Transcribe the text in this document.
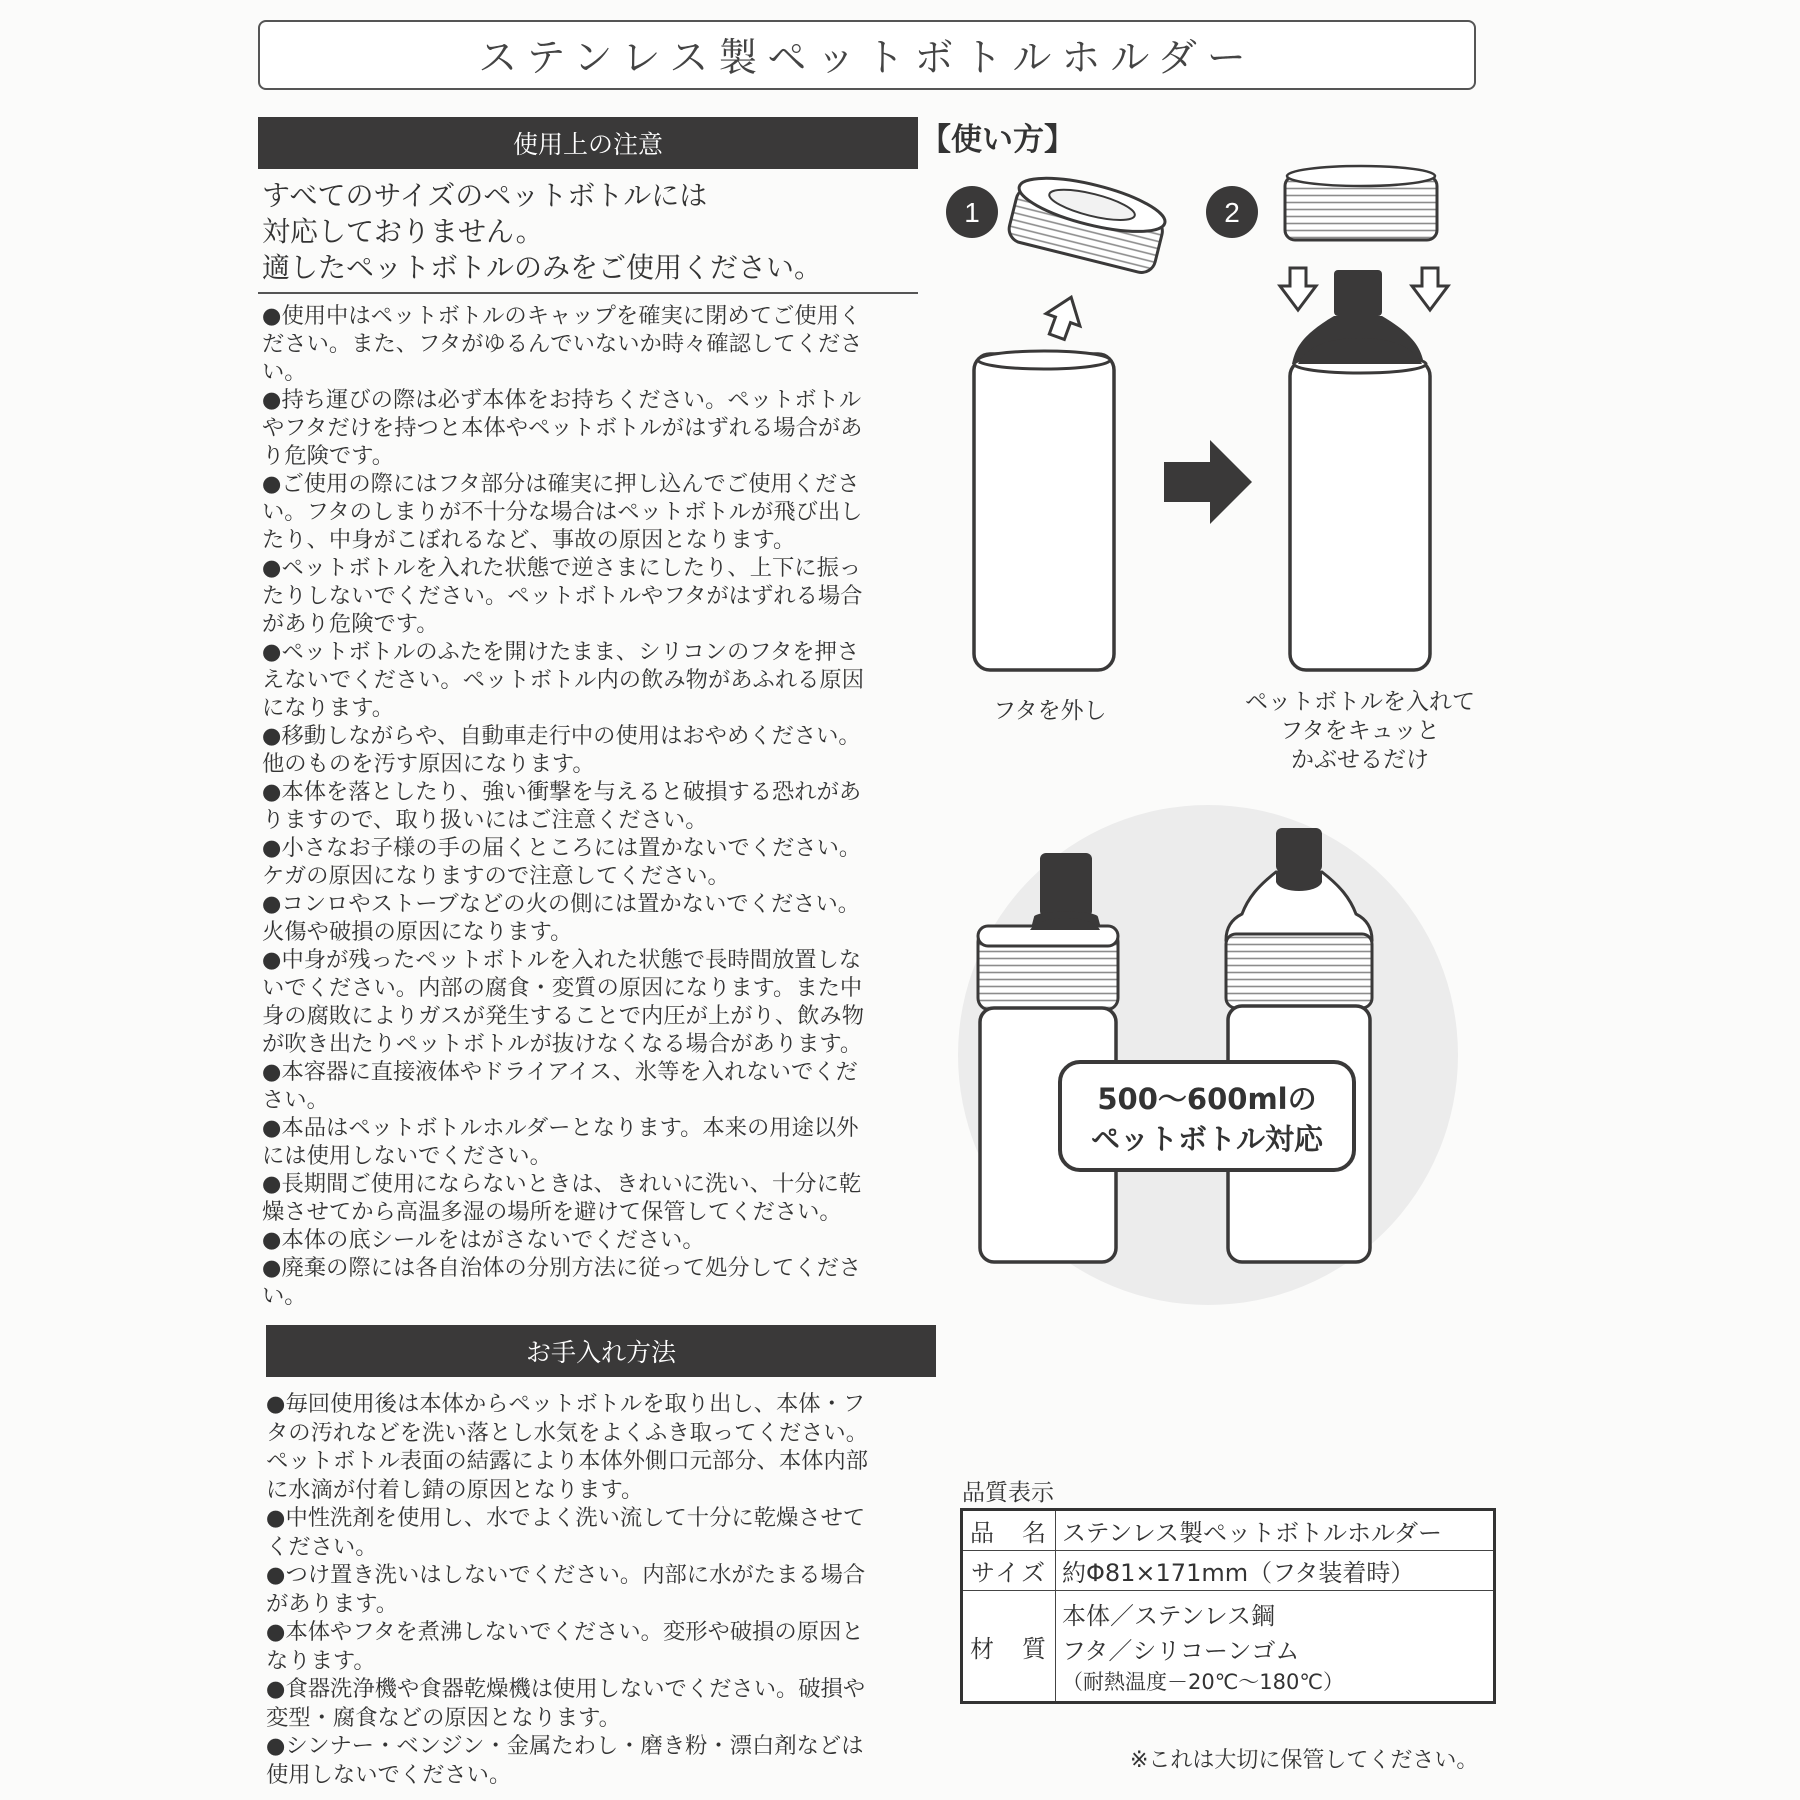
ステンレス製ペットボトルホルダー
使用上の注意
すべてのサイズのペットボトルには
対応しておりません。
適したペットボトルのみをご使用ください。
●使用中はペットボトルのキャップを確実に閉めてご使用く
ださい。また、フタがゆるんでいないか時々確認してくださ
い。
●持ち運びの際は必ず本体をお持ちください。ペットボトル
やフタだけを持つと本体やペットボトルがはずれる場合があ
り危険です。
●ご使用の際にはフタ部分は確実に押し込んでご使用くださ
い。フタのしまりが不十分な場合はペットボトルが飛び出し
たり、中身がこぼれるなど、事故の原因となります。
●ペットボトルを入れた状態で逆さまにしたり、上下に振っ
たりしないでください。ペットボトルやフタがはずれる場合
があり危険です。
●ペットボトルのふたを開けたまま、シリコンのフタを押さ
えないでください。ペットボトル内の飲み物があふれる原因
になります。
●移動しながらや、自動車走行中の使用はおやめください。
他のものを汚す原因になります。
●本体を落としたり、強い衝撃を与えると破損する恐れがあ
りますので、取り扱いにはご注意ください。
●小さなお子様の手の届くところには置かないでください。
ケガの原因になりますので注意してください。
●コンロやストーブなどの火の側には置かないでください。
火傷や破損の原因になります。
●中身が残ったペットボトルを入れた状態で長時間放置しな
いでください。内部の腐食・変質の原因になります。また中
身の腐敗によりガスが発生することで内圧が上がり、飲み物
が吹き出たりペットボトルが抜けなくなる場合があります。
●本容器に直接液体やドライアイス、氷等を入れないでくだ
さい。
●本品はペットボトルホルダーとなります。本来の用途以外
には使用しないでください。
●長期間ご使用にならないときは、きれいに洗い、十分に乾
燥させてから高温多湿の場所を避けて保管してください。
●本体の底シールをはがさないでください。
●廃棄の際には各自治体の分別方法に従って処分してくださ
い。
お手入れ方法
●毎回使用後は本体からペットボトルを取り出し、本体・フ
タの汚れなどを洗い落とし水気をよくふき取ってください。
ペットボトル表面の結露により本体外側口元部分、本体内部
に水滴が付着し錆の原因となります。
●中性洗剤を使用し、水でよく洗い流して十分に乾燥させて
ください。
●つけ置き洗いはしないでください。内部に水がたまる場合
があります。
●本体やフタを煮沸しないでください。変形や破損の原因と
なります。
●食器洗浄機や食器乾燥機は使用しないでください。破損や
変型・腐食などの原因となります。
●シンナー・ベンジン・金属たわし・磨き粉・漂白剤などは
使用しないでください。
【使い方】
1	2
500〜600mlの
ペットボトル対応
フタを外し	ペットボトルを入れて
フタをキュッと
かぶせるだけ
品質表示
品　名	ステンレス製ペットボトルホルダー
サイズ	約Φ81×171mm（フタ装着時）
材　質	本体／ステンレス鋼
フタ／シリコーンゴム
（耐熱温度－20℃〜180℃）
※これは大切に保管してください。
